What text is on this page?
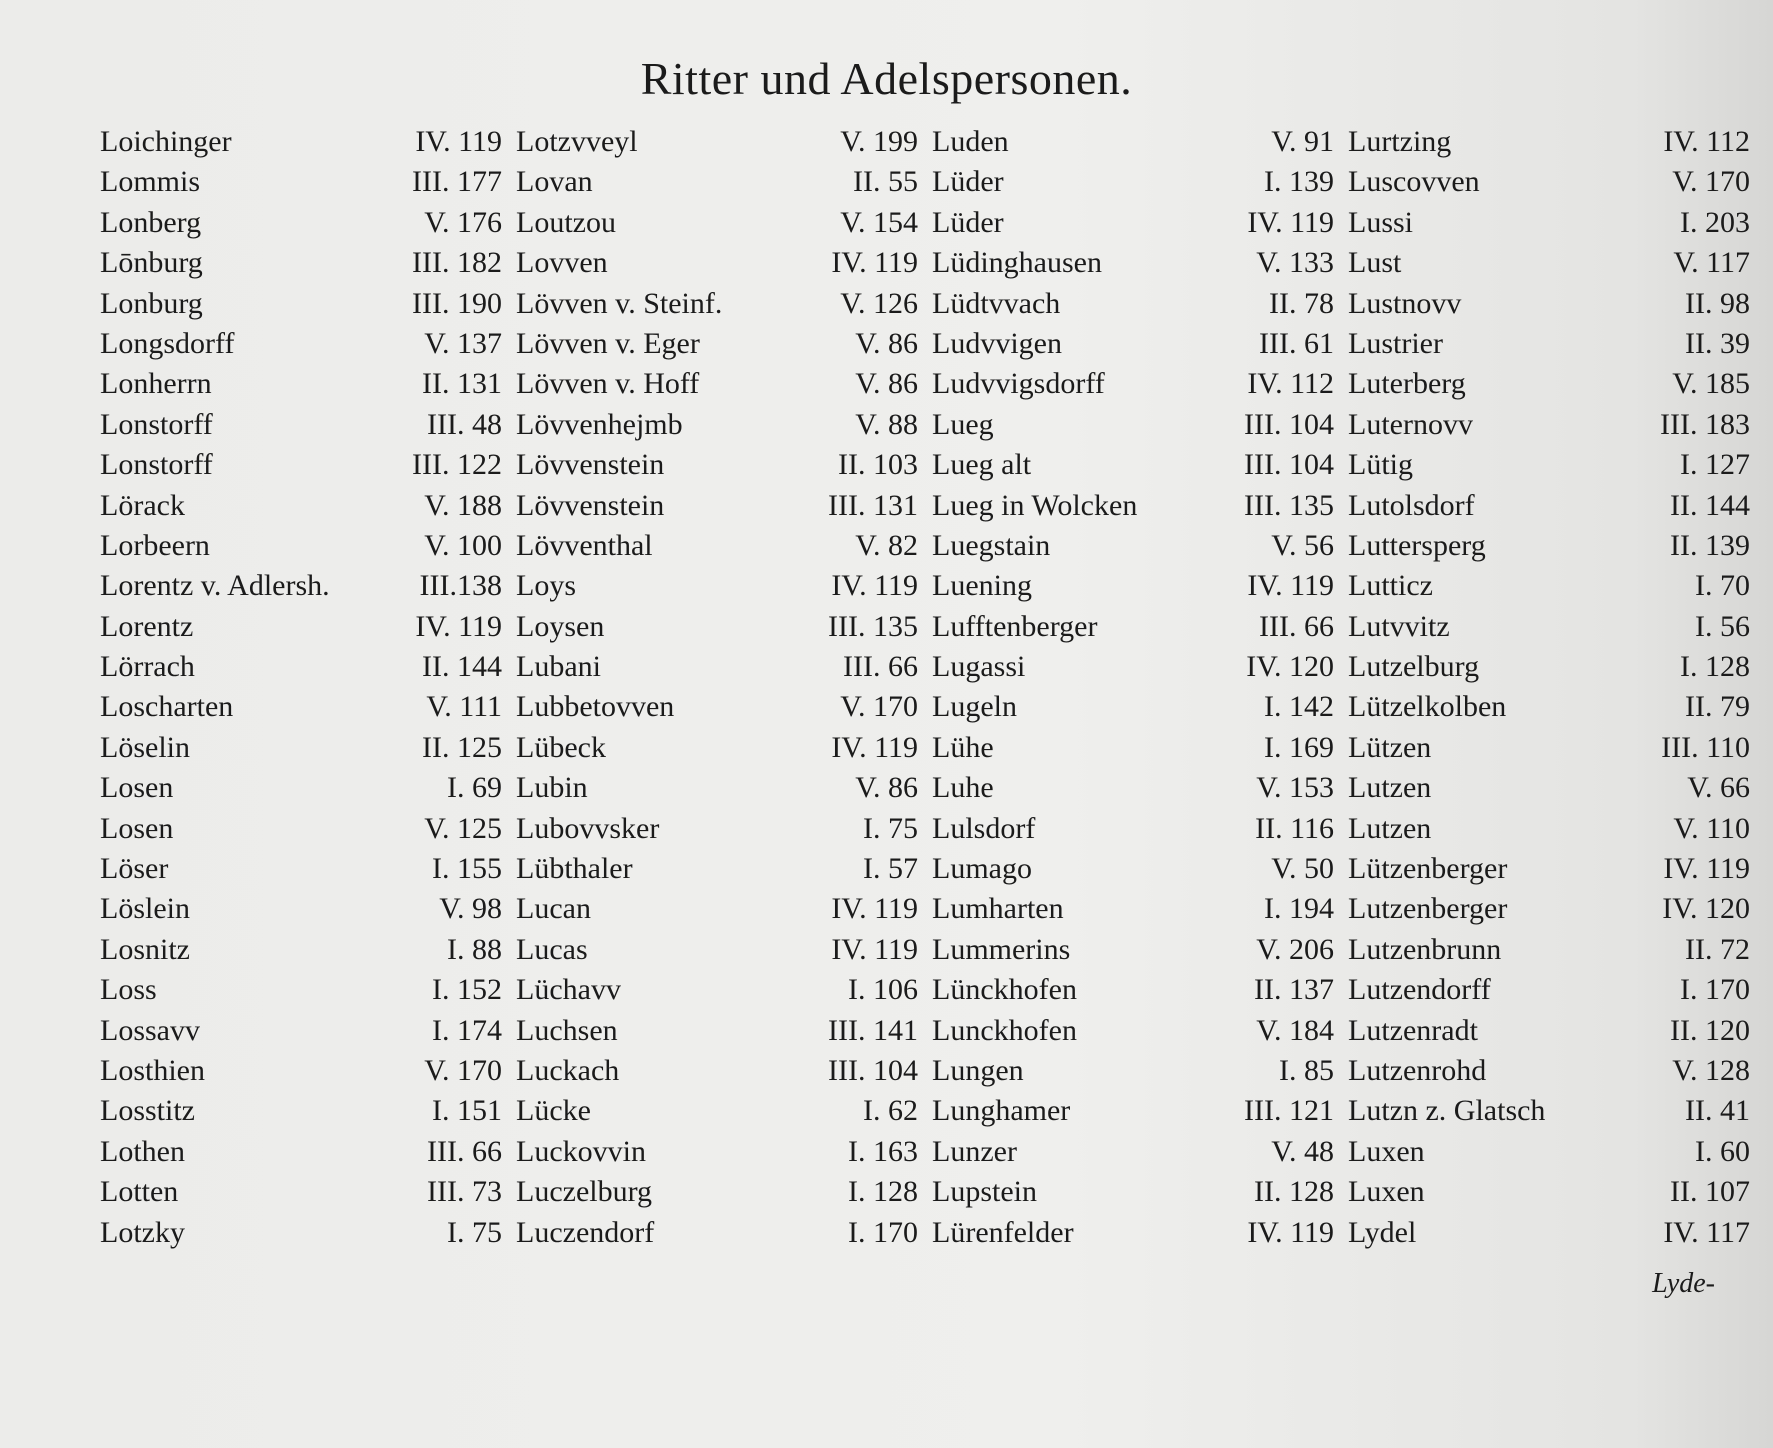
Ritter und Adelspersonen.
Loichinger	IV. 119
Lommis	III. 177
Lonberg	V. 176
Lōnburg	III. 182
Lonburg	III. 190
Longsdorff	V. 137
Lonherrn	II. 131
Lonstorff	III. 48
Lonstorff	III. 122
Lörack	V. 188
Lorbeern	V. 100
Lorentz v. Adlersh.	III.138
Lorentz	IV. 119
Lörrach	II. 144
Loscharten	V. 111
Löselin	II. 125
Losen	I. 69
Losen	V. 125
Löser	I. 155
Löslein	V. 98
Losnitz	I. 88
Loss	I. 152
Lossavv	I. 174
Losthien	V. 170
Losstitz	I. 151
Lothen	III. 66
Lotten	III. 73
Lotzky	I. 75
Lotzvveyl	V. 199
Lovan	II. 55
Loutzou	V. 154
Lovven	IV. 119
Lövven v. Steinf.	V. 126
Lövven v. Eger	V. 86
Lövven v. Hoff	V. 86
Lövvenhejmb	V. 88
Lövvenstein	II. 103
Lövvenstein	III. 131
Lövventhal	V. 82
Loys	IV. 119
Loysen	III. 135
Lubani	III. 66
Lubbetovven	V. 170
Lübeck	IV. 119
Lubin	V. 86
Lubovvsker	I. 75
Lübthaler	I. 57
Lucan	IV. 119
Lucas	IV. 119
Lüchavv	I. 106
Luchsen	III. 141
Luckach	III. 104
Lücke	I. 62
Luckovvin	I. 163
Luczelburg	I. 128
Luczendorf	I. 170
Luden	V. 91
Lüder	I. 139
Lüder	IV. 119
Lüdinghausen	V. 133
Lüdtvvach	II. 78
Ludvvigen	III. 61
Ludvvigsdorff	IV. 112
Lueg	III. 104
Lueg alt	III. 104
Lueg in Wolcken	III. 135
Luegstain	V. 56
Luening	IV. 119
Lufftenberger	III. 66
Lugassi	IV. 120
Lugeln	I. 142
Lühe	I. 169
Luhe	V. 153
Lulsdorf	II. 116
Lumago	V. 50
Lumharten	I. 194
Lummerins	V. 206
Lünckhofen	II. 137
Lunckhofen	V. 184
Lungen	I. 85
Lunghamer	III. 121
Lunzer	V. 48
Lupstein	II. 128
Lürenfelder	IV. 119
Lurtzing	IV. 112
Luscovven	V. 170
Lussi	I. 203
Lust	V. 117
Lustnovv	II. 98
Lustrier	II. 39
Luterberg	V. 185
Luternovv	III. 183
Lütig	I. 127
Lutolsdorf	II. 144
Luttersperg	II. 139
Lutticz	I. 70
Lutvvitz	I. 56
Lutzelburg	I. 128
Lützelkolben	II. 79
Lützen	III. 110
Lutzen	V. 66
Lutzen	V. 110
Lützenberger	IV. 119
Lutzenberger	IV. 120
Lutzenbrunn	II. 72
Lutzendorff	I. 170
Lutzenradt	II. 120
Lutzenrohd	V. 128
Lutzn z. Glatsch	II. 41
Luxen	I. 60
Luxen	II. 107
Lydel	IV. 117
Lyde-
